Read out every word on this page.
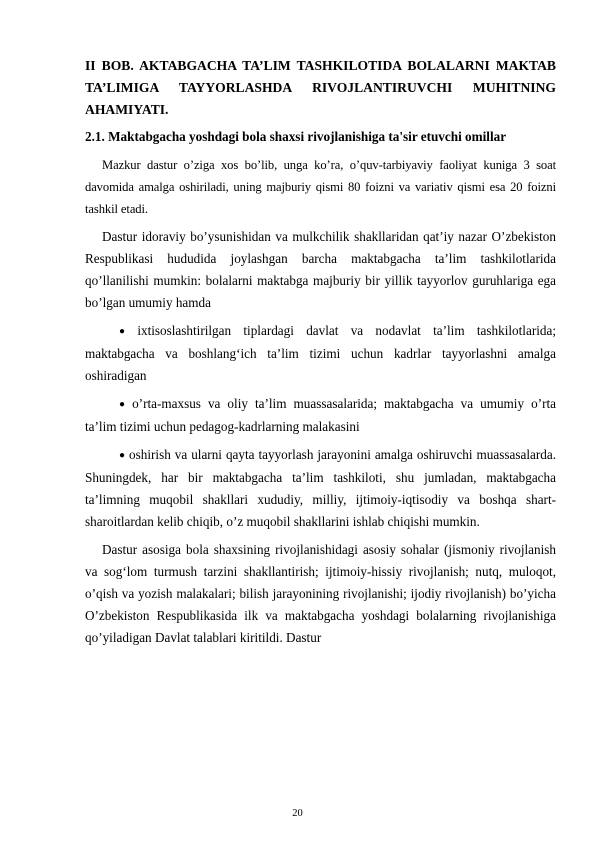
II BOB. AKTABGACHA TA’LIM TASHKILOTIDA BOLALARNI MAKTAB TA’LIMIGA TAYYORLASHDA RIVOJLANTIRUVCHI MUHITNING AHAMIYATI.
2.1. Maktabgacha yoshdagi bola shaxsi rivojlanishiga ta'sir etuvchi omillar

Mazkur dastur o’ziga xos bo’lib, unga ko’ra, o’quv-tarbiyaviy faoliyat kuniga 3 soat davomida amalga oshiriladi, uning majburiy qismi 80 foizni va variativ qismi esa 20 foizni tashkil etadi.

Dastur idoraviy bo’ysunishidan va mulkchilik shakllaridan qat’iy nazar O’zbekiston Respublikasi hududida joylashgan barcha maktabgacha ta’lim tashkilotlarida qo’llanilishi mumkin: bolalarni maktabga majburiy bir yillik tayyorlov guruhlariga ega bo’lgan umumiy hamda

● ixtisoslashtirilgan tiplardagi davlat va nodavlat ta’lim tashkilotlarida; maktabgacha va boshlang‘ich ta’lim tizimi uchun kadrlar tayyorlashni amalga oshiradigan

● o’rta-maxsus va oliy ta’lim muassasalarida; maktabgacha va umumiy o’rta ta’lim tizimi uchun pedagog-kadrlarning malakasini

● oshirish va ularni qayta tayyorlash jarayonini amalga oshiruvchi muassasalarda. Shuningdek, har bir maktabgacha ta’lim tashkiloti, shu jumladan, maktabgacha ta’limning muqobil shakllari xududiy, milliy, ijtimoiy-iqtisodiy va boshqa shart-sharoitlardan kelib chiqib, o’z muqobil shakllarini ishlab chiqishi mumkin.

Dastur asosiga bola shaxsining rivojlanishidagi asosiy sohalar (jismoniy rivojlanish va sog‘lom turmush tarzini shakllantirish; ijtimoiy-hissiy rivojlanish; nutq, muloqot, o’qish va yozish malakalari; bilish jarayonining rivojlanishi; ijodiy rivojlanish) bo’yicha O’zbekiston Respublikasida ilk va maktabgacha yoshdagi bolalarning rivojlanishiga qo’yiladigan Davlat talablari kiritildi. Dastur

20
